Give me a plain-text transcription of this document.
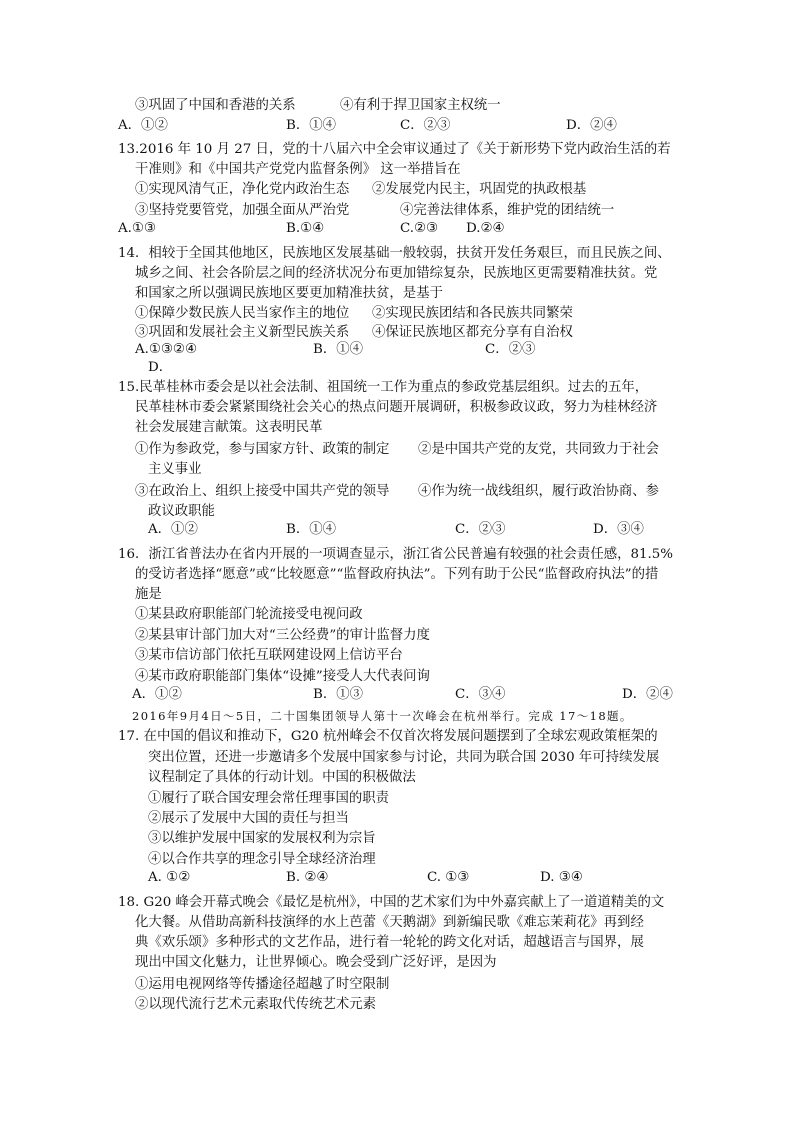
③巩固了中国和香港的关系	④有利于捍卫国家主权统一
A．①②	B．①④	C．②③	D．②④
13.2016 年 10 月 27 日，党的十八届六中全会审议通过了《关于新形势下党内政治生活的若
干准则》和《中国共产党党内监督条例》 这一举措旨在
①实现风清气正，净化党内政治生态 ②发展党内民主，巩固党的执政根基
③坚持党要管党，加强全面从严治党	④完善法律体系，维护党的团结统一
A.①③	B.①④	C.②③ D.②④
14．相较于全国其他地区，民族地区发展基础一般较弱，扶贫开发任务艰巨，而且民族之间、
城乡之间、社会各阶层之间的经济状况分布更加错综复杂，民族地区更需要精准扶贫。党
和国家之所以强调民族地区要更加精准扶贫，是基于
①保障少数民族人民当家作主的地位 ②实现民族团结和各民族共同繁荣
③巩固和发展社会主义新型民族关系 ④保证民族地区都充分享有自治权
A.①③②④	B．①④	C．②③
D．
15.民革桂林市委会是以社会法制、祖国统一工作为重点的参政党基层组织。过去的五年，
民革桂林市委会紧紧围绕社会关心的热点问题开展调研，积极参政议政，努力为桂林经济
社会发展建言献策。这表明民革
①作为参政党，参与国家方针、政策的制定 ②是中国共产党的友党，共同致力于社会
主义事业
③在政治上、组织上接受中国共产党的领导 ④作为统一战线组织，履行政治协商、参
政议政职能
A．①②	B．①④	C．②③	D．③④
16．浙江省普法办在省内开展的一项调查显示，浙江省公民普遍有较强的社会责任感，81.5%
的受访者选择“愿意”或“比较愿意”“监督政府执法”。下列有助于公民“监督政府执法”的措
施是
①某县政府职能部门轮流接受电视问政
②某县审计部门加大对“三公经费”的审计监督力度
③某市信访部门依托互联网建设网上信访平台
④某市政府职能部门集体“设摊”接受人大代表问询
A．①②	B．①③	C．③④	D．②④
2016年9月4日～5日，二十国集团领导人第十一次峰会在杭州举行。完成 17～18题。
17. 在中国的倡议和推动下，G20 杭州峰会不仅首次将发展问题摆到了全球宏观政策框架的
突出位置，还进一步邀请多个发展中国家参与讨论，共同为联合国 2030 年可持续发展
议程制定了具体的行动计划。中国的积极做法
①履行了联合国安理会常任理事国的职责
②展示了发展中大国的责任与担当
③以维护发展中国家的发展权利为宗旨
④以合作共享的理念引导全球经济治理
A. ①②	B. ②④	C. ①③	D. ③④
18. G20 峰会开幕式晚会《最忆是杭州》，中国的艺术家们为中外嘉宾献上了一道道精美的文
化大餐。从借助高新科技演绎的水上芭蕾《天鹅湖》到新编民歌《难忘茉莉花》再到经
典《欢乐颂》多种形式的文艺作品，进行着一轮轮的跨文化对话，超越语言与国界，展
现出中国文化魅力，让世界倾心。晚会受到广泛好评，是因为
①运用电视网络等传播途径超越了时空限制
②以现代流行艺术元素取代传统艺术元素
